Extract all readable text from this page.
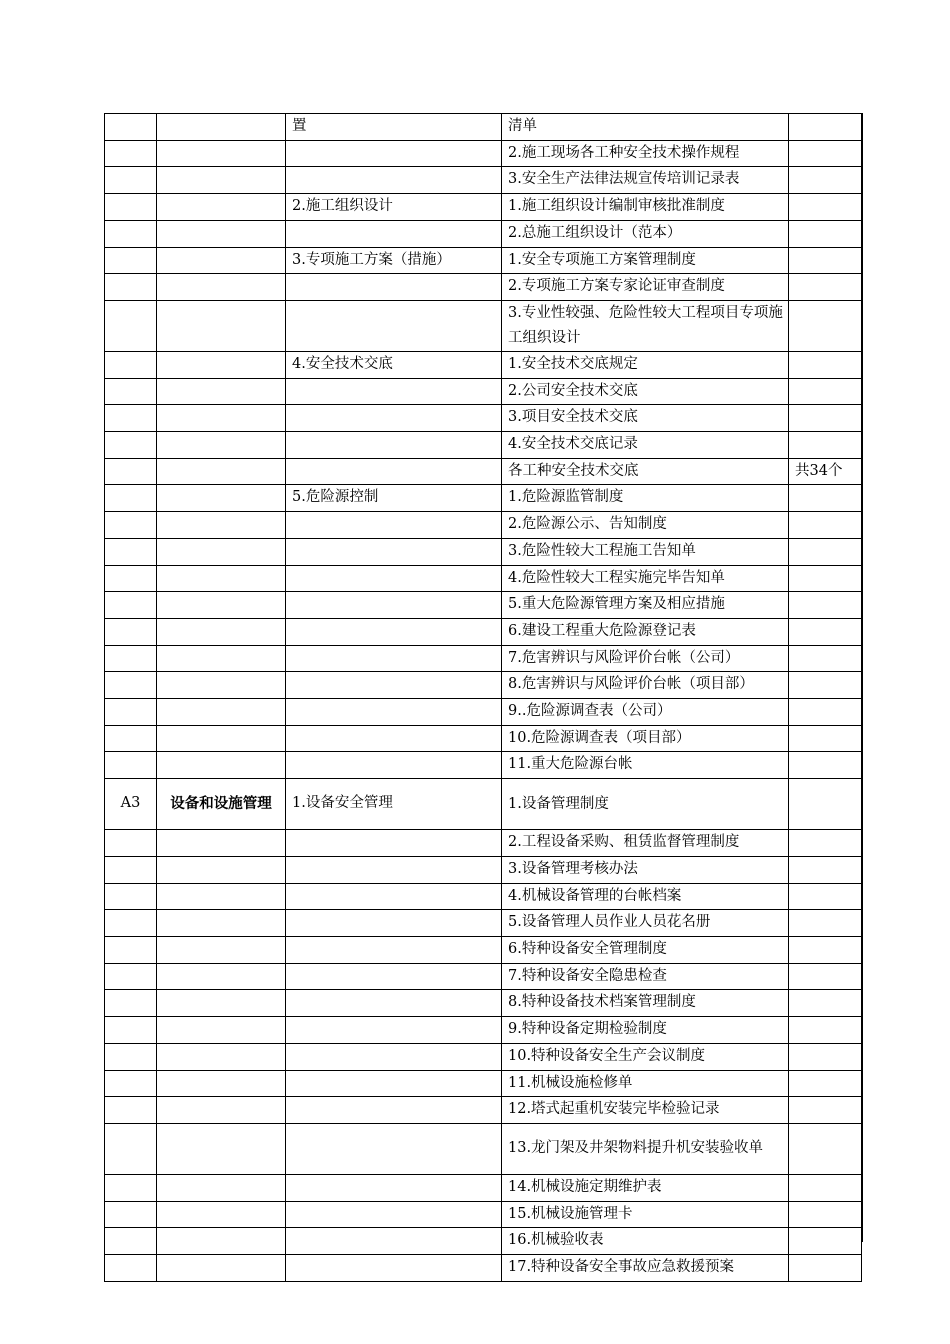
		置	清单	
			2.施工现场各工种安全技术操作规程	
			3.安全生产法律法规宣传培训记录表	
		2.施工组织设计	1.施工组织设计编制审核批准制度	
			2.总施工组织设计（范本）	
		3.专项施工方案（措施）	1.安全专项施工方案管理制度	
			2.专项施工方案专家论证审查制度	
			3.专业性较强、危险性较大工程项目专项施工组织设计	
		4.安全技术交底	1.安全技术交底规定	
			2.公司安全技术交底	
			3.项目安全技术交底	
			4.安全技术交底记录	
			各工种安全技术交底	共34个
		5.危险源控制	1.危险源监管制度	
			2.危险源公示、告知制度	
			3.危险性较大工程施工告知单	
			4.危险性较大工程实施完毕告知单	
			5.重大危险源管理方案及相应措施	
			6.建设工程重大危险源登记表	
			7.危害辨识与风险评价台帐（公司）	
			8.危害辨识与风险评价台帐（项目部）	
			9..危险源调查表（公司）	
			10.危险源调查表（项目部）	
			11.重大危险源台帐	
A3	设备和设施管理	1.设备安全管理	1.设备管理制度	
			2.工程设备采购、租赁监督管理制度	
			3.设备管理考核办法	
			4.机械设备管理的台帐档案	
			5.设备管理人员作业人员花名册	
			6.特种设备安全管理制度	
			7.特种设备安全隐患检查	
			8.特种设备技术档案管理制度	
			9.特种设备定期检验制度	
			10.特种设备安全生产会议制度	
			11.机械设施检修单	
			12.塔式起重机安装完毕检验记录	
			13.龙门架及井架物料提升机安装验收单	
			14.机械设施定期维护表	
			15.机械设施管理卡	
			16.机械验收表	
			17.特种设备安全事故应急救援预案	
